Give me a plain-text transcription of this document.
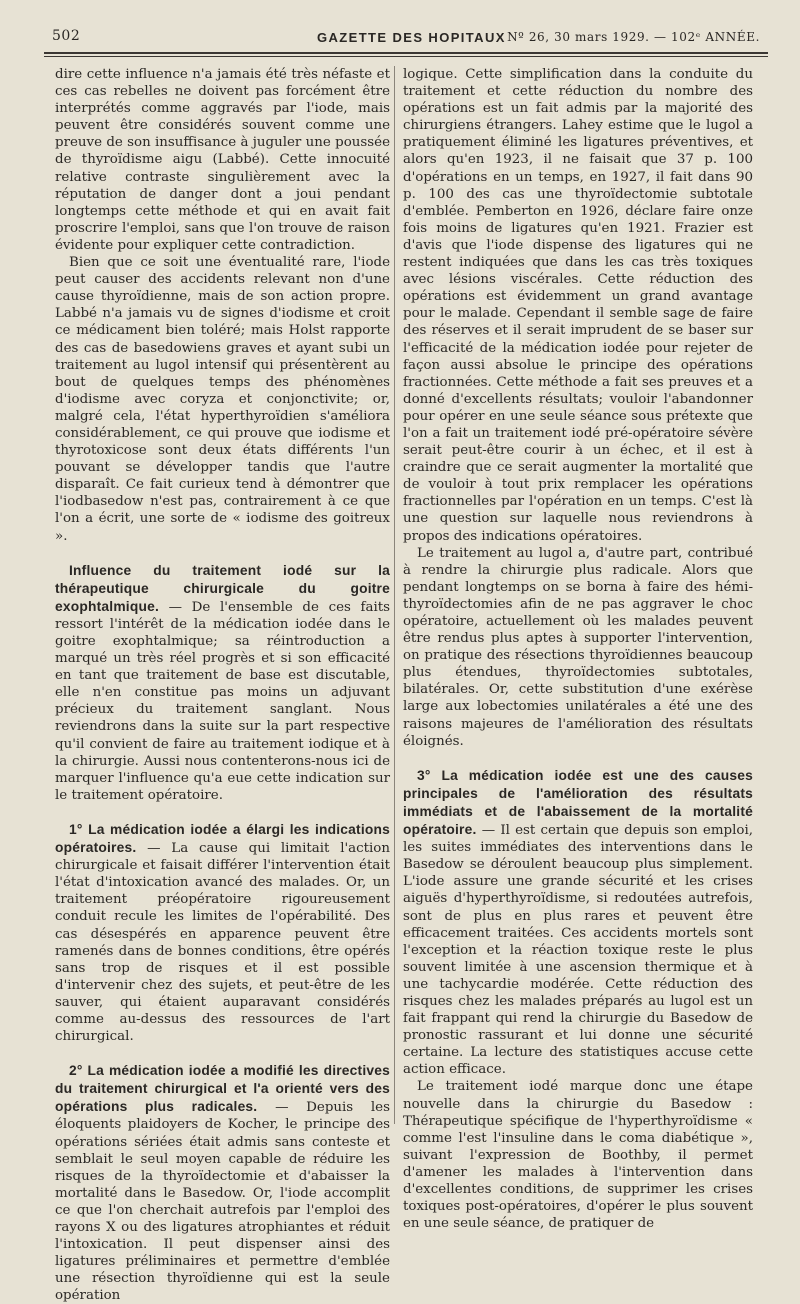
502	GAZETTE DES HOPITAUX Nº 26, 30 mars 1929. — 102ᵉ ANNÉE.

dire cette influence n'a jamais été très néfaste et ces cas rebelles ne doivent pas forcément être interprétés comme aggravés par l'iode, mais peuvent être considérés souvent comme une preuve de son insuffisance à juguler une poussée de thyroïdisme aigu (Labbé). Cette innocuité relative contraste singulièrement avec la réputation de danger dont a joui pendant longtemps cette méthode et qui en avait fait proscrire l'emploi, sans que l'on trouve de raison évidente pour expliquer cette contradiction.

Bien que ce soit une éventualité rare, l'iode peut causer des accidents relevant non d'une cause thyroïdienne, mais de son action propre. Labbé n'a jamais vu de signes d'iodisme et croit ce médicament bien toléré; mais Holst rapporte des cas de basedowiens graves et ayant subi un traitement au lugol intensif qui présentèrent au bout de quelques temps des phénomènes d'iodisme avec coryza et conjonctivite; or, malgré cela, l'état hyperthyroïdien s'améliora considérablement, ce qui prouve que iodisme et thyrotoxicose sont deux états différents l'un pouvant se développer tandis que l'autre disparaît. Ce fait curieux tend à démontrer que l'iodbasedow n'est pas, contrairement à ce que l'on a écrit, une sorte de « iodisme des goitreux ».

Influence du traitement iodé sur la thérapeutique chirurgicale du goitre exophtalmique. — De l'ensemble de ces faits ressort l'intérêt de la médication iodée dans le goitre exophtalmique; sa réintroduction a marqué un très réel progrès et si son efficacité en tant que traitement de base est discutable, elle n'en constitue pas moins un adjuvant précieux du traitement sanglant. Nous reviendrons dans la suite sur la part respective qu'il convient de faire au traitement iodique et à la chirurgie. Aussi nous contenterons-nous ici de marquer l'influence qu'a eue cette indication sur le traitement opératoire.

1° La médication iodée a élargi les indications opératoires. — La cause qui limitait l'action chirurgicale et faisait différer l'intervention était l'état d'intoxication avancé des malades. Or, un traitement préopératoire rigoureusement conduit recule les limites de l'opérabilité. Des cas désespérés en apparence peuvent être ramenés dans de bonnes conditions, être opérés sans trop de risques et il est possible d'intervenir chez des sujets, et peut-être de les sauver, qui étaient auparavant considérés comme au-dessus des ressources de l'art chirurgical.

2° La médication iodée a modifié les directives du traitement chirurgical et l'a orienté vers des opérations plus radicales. — Depuis les éloquents plaidoyers de Kocher, le principe des opérations sériées était admis sans conteste et semblait le seul moyen capable de réduire les risques de la thyroïdectomie et d'abaisser la mortalité dans le Basedow. Or, l'iode accomplit ce que l'on cherchait autrefois par l'emploi des rayons X ou des ligatures atrophiantes et réduit l'intoxication. Il peut dispenser ainsi des ligatures préliminaires et permettre d'emblée une résection thyroïdienne qui est la seule opération

logique. Cette simplification dans la conduite du traitement et cette réduction du nombre des opérations est un fait admis par la majorité des chirurgiens étrangers. Lahey estime que le lugol a pratiquement éliminé les ligatures préventives, et alors qu'en 1923, il ne faisait que 37 p. 100 d'opérations en un temps, en 1927, il fait dans 90 p. 100 des cas une thyroïdectomie subtotale d'emblée. Pemberton en 1926, déclare faire onze fois moins de ligatures qu'en 1921. Frazier est d'avis que l'iode dispense des ligatures qui ne restent indiquées que dans les cas très toxiques avec lésions viscérales. Cette réduction des opérations est évidemment un grand avantage pour le malade. Cependant il semble sage de faire des réserves et il serait imprudent de se baser sur l'efficacité de la médication iodée pour rejeter de façon aussi absolue le principe des opérations fractionnées. Cette méthode a fait ses preuves et a donné d'excellents résultats; vouloir l'abandonner pour opérer en une seule séance sous prétexte que l'on a fait un traitement iodé pré-opératoire sévère serait peut-être courir à un échec, et il est à craindre que ce serait augmenter la mortalité que de vouloir à tout prix remplacer les opérations fractionnelles par l'opération en un temps. C'est là une question sur laquelle nous reviendrons à propos des indications opératoires.

Le traitement au lugol a, d'autre part, contribué à rendre la chirurgie plus radicale. Alors que pendant longtemps on se borna à faire des hémi-thyroïdectomies afin de ne pas aggraver le choc opératoire, actuellement où les malades peuvent être rendus plus aptes à supporter l'intervention, on pratique des résections thyroïdiennes beaucoup plus étendues, thyroïdectomies subtotales, bilatérales. Or, cette substitution d'une exérèse large aux lobectomies unilatérales a été une des raisons majeures de l'amélioration des résultats éloignés.

3° La médication iodée est une des causes principales de l'amélioration des résultats immédiats et de l'abaissement de la mortalité opératoire. — Il est certain que depuis son emploi, les suites immédiates des interventions dans le Basedow se déroulent beaucoup plus simplement. L'iode assure une grande sécurité et les crises aiguës d'hyperthyroïdisme, si redoutées autrefois, sont de plus en plus rares et peuvent être efficacement traitées. Ces accidents mortels sont l'exception et la réaction toxique reste le plus souvent limitée à une ascension thermique et à une tachycardie modérée. Cette réduction des risques chez les malades préparés au lugol est un fait frappant qui rend la chirurgie du Basedow de pronostic rassurant et lui donne une sécurité certaine. La lecture des statistiques accuse cette action efficace.

Le traitement iodé marque donc une étape nouvelle dans la chirurgie du Basedow : Thérapeutique spécifique de l'hyperthyroïdisme « comme l'est l'insuline dans le coma diabétique », suivant l'expression de Boothby, il permet d'amener les malades à l'intervention dans d'excellentes conditions, de supprimer les crises toxiques post-opératoires, d'opérer le plus souvent en une seule séance, de pratiquer de
